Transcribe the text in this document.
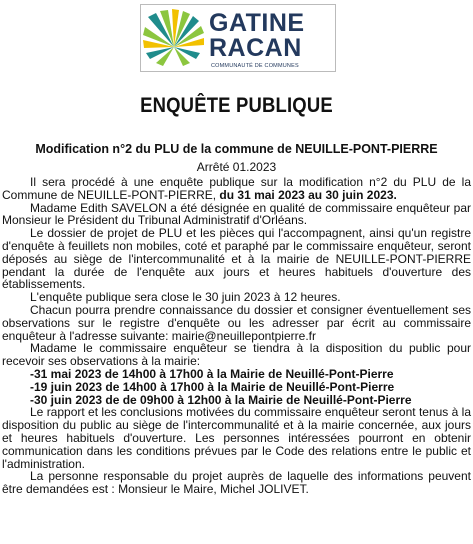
GATINE
RACAN
COMMUNAUTÉ DE COMMUNES
ENQUÊTE PUBLIQUE
Modification n°2 du PLU de la commune de NEUILLE-PONT-PIERRE
Arrêté 01.2023

Il sera procédé à une enquête publique sur la modification n°2 du PLU de la Commune de NEUILLE-PONT-PIERRE, du 31 mai 2023 au 30 juin 2023.

Madame Edith SAVELON a été désignée en qualité de commissaire enquêteur par Monsieur le Président du Tribunal Administratif d'Orléans.

Le dossier de projet de PLU et les pièces qui l'accompagnent, ainsi qu'un registre d'enquête à feuillets non mobiles, coté et paraphé par le commissaire enquêteur, seront déposés au siège de l'intercommunalité et à la mairie de NEUILLE-PONT-PIERRE pendant la durée de l'enquête aux jours et heures habituels d'ouverture des établissements.

L'enquête publique sera close le 30 juin 2023 à 12 heures.

Chacun pourra prendre connaissance du dossier et consigner éventuellement ses observations sur le registre d'enquête ou les adresser par écrit au commissaire enquêteur à l'adresse suivante: mairie@neuillepontpierre.fr

Madame le commissaire enquêteur se tiendra à la disposition du public pour recevoir ses observations à la mairie:

-31 mai 2023 de 14h00 à 17h00 à la Mairie de Neuillé-Pont-Pierre

-19 juin 2023 de 14h00 à 17h00 à la Mairie de Neuillé-Pont-Pierre

-30 juin 2023 de de 09h00 à 12h00 à la Mairie de Neuillé-Pont-Pierre

Le rapport et les conclusions motivées du commissaire enquêteur seront tenus à la disposition du public au siège de l'intercommunalité et à la mairie concernée, aux jours et heures habituels d'ouverture. Les personnes intéressées pourront en obtenir communication dans les conditions prévues par le Code des relations entre le public et l'administration.

La personne responsable du projet auprès de laquelle des informations peuvent être demandées est : Monsieur le Maire, Michel JOLIVET.
